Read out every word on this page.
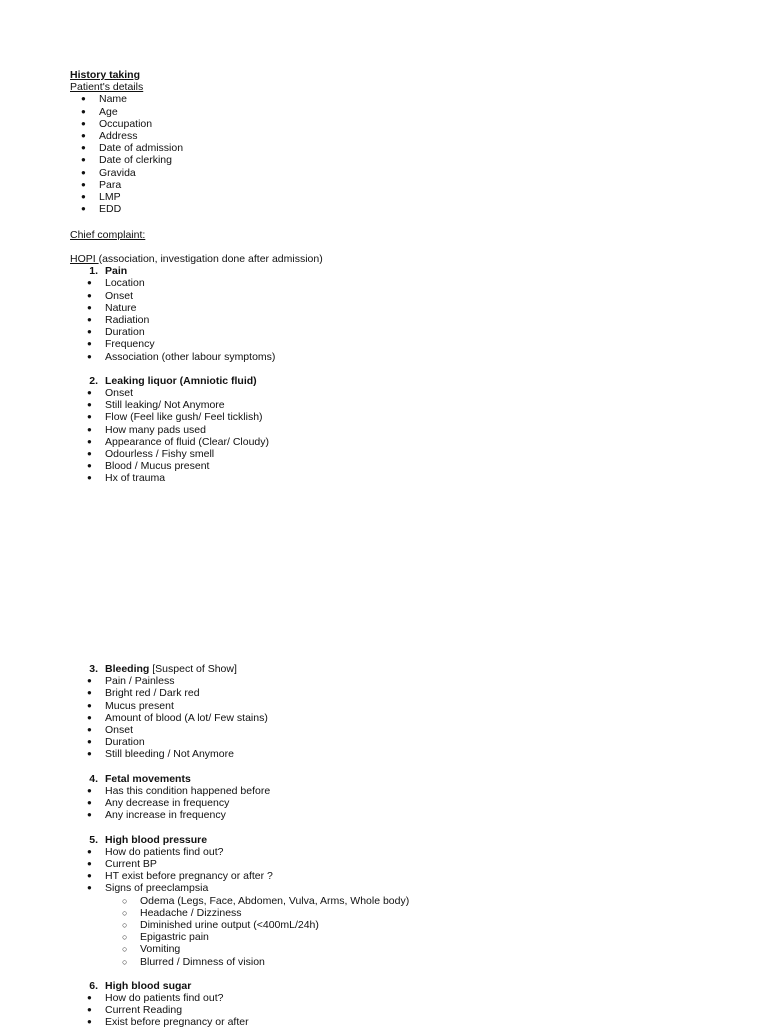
History taking
Patient's details
● Name
● Age
● Occupation
● Address
● Date of admission
● Date of clerking
● Gravida
● Para
● LMP
● EDD
Chief complaint:
HOPI (association, investigation done after admission)
1. Pain
● Location
● Onset
● Nature
● Radiation
● Duration
● Frequency
● Association (other labour symptoms)
2. Leaking liquor (Amniotic fluid)
● Onset
● Still leaking/ Not Anymore
● Flow (Feel like gush/ Feel ticklish)
● How many pads used
● Appearance of fluid (Clear/ Cloudy)
● Odourless / Fishy smell
● Blood / Mucus present
● Hx of trauma
3. Bleeding [Suspect of Show]
● Pain / Painless
● Bright red / Dark red
● Mucus present
● Amount of blood (A lot/ Few stains)
● Onset
● Duration
● Still bleeding / Not Anymore
4. Fetal movements
● Has this condition happened before
● Any decrease in frequency
● Any increase in frequency
5. High blood pressure
● How do patients find out?
● Current BP
● HT exist before pregnancy or after ?
● Signs of preeclampsia
○ Odema (Legs, Face, Abdomen, Vulva, Arms, Whole body)
○ Headache / Dizziness
○ Diminished urine output (<400mL/24h)
○ Epigastric pain
○ Vomiting
○ Blurred / Dimness of vision
6. High blood sugar
● How do patients find out?
● Current Reading
● Exist before pregnancy or after
